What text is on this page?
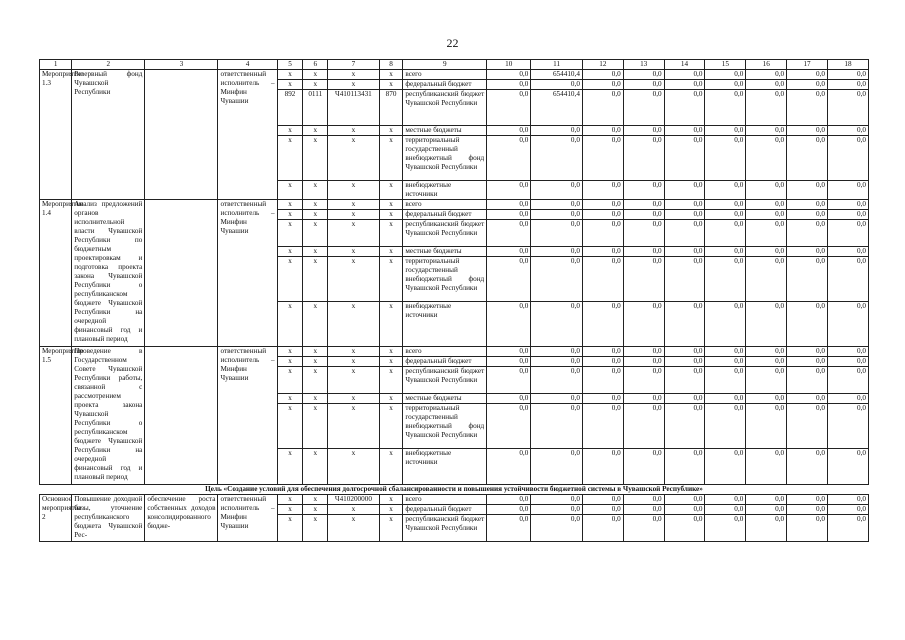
22
1	2	3	4	5	6	7	8	9	10	11	12	13	14	15	16	17	18
Мероприятие 1.3	Резервный фонд Чувашской Республики		ответственный исполнитель – Минфин Чувашии	x	x	x	x	всего	0,0	654410,4	0,0	0,0	0,0	0,0	0,0	0,0	0,0
				x	x	x	x	федеральный бюджет	0,0	0,0	0,0	0,0	0,0	0,0	0,0	0,0	0,0
				892	0111	Ч410113431	870	республиканский бюджет Чувашской Республики	0,0	654410,4	0,0	0,0	0,0	0,0	0,0	0,0	0,0
				x	x	x	x	местные бюджеты	0,0	0,0	0,0	0,0	0,0	0,0	0,0	0,0	0,0
				x	x	x	x	территориальный государственный внебюджетный фонд Чувашской Республики	0,0	0,0	0,0	0,0	0,0	0,0	0,0	0,0	0,0
				x	x	x	x	внебюджетные источники	0,0	0,0	0,0	0,0	0,0	0,0	0,0	0,0	0,0
Мероприятие 1.4	Анализ предложений органов исполнительной власти Чувашской Республики по бюджетным проектировкам и подготовка проекта закона Чувашской Республики о республиканском бюджете Чувашской Республики на очередной финансовый год и плановый период		ответственный исполнитель – Минфин Чувашии	x	x	x	x	всего	0,0	0,0	0,0	0,0	0,0	0,0	0,0	0,0	0,0
				x	x	x	x	федеральный бюджет	0,0	0,0	0,0	0,0	0,0	0,0	0,0	0,0	0,0
				x	x	x	x	республиканский бюджет Чувашской Республики	0,0	0,0	0,0	0,0	0,0	0,0	0,0	0,0	0,0
				x	x	x	x	местные бюджеты	0,0	0,0	0,0	0,0	0,0	0,0	0,0	0,0	0,0
				x	x	x	x	территориальный государственный внебюджетный фонд Чувашской Республики	0,0	0,0	0,0	0,0	0,0	0,0	0,0	0,0	0,0
				x	x	x	x	внебюджетные источники	0,0	0,0	0,0	0,0	0,0	0,0	0,0	0,0	0,0
Мероприятие 1.5	Проведение в Государственном Совете Чувашской Республики работы, связанной с рассмотрением проекта закона Чувашской Республики о республиканском бюджете Чувашской Республики на очередной финансовый год и плановый период		ответственный исполнитель – Минфин Чувашии	x	x	x	x	всего	0,0	0,0	0,0	0,0	0,0	0,0	0,0	0,0	0,0
				x	x	x	x	федеральный бюджет	0,0	0,0	0,0	0,0	0,0	0,0	0,0	0,0	0,0
				x	x	x	x	республиканский бюджет Чувашской Республики	0,0	0,0	0,0	0,0	0,0	0,0	0,0	0,0	0,0
				x	x	x	x	местные бюджеты	0,0	0,0	0,0	0,0	0,0	0,0	0,0	0,0	0,0
				x	x	x	x	территориальный государственный внебюджетный фонд Чувашской Республики	0,0	0,0	0,0	0,0	0,0	0,0	0,0	0,0	0,0
				x	x	x	x	внебюджетные источники	0,0	0,0	0,0	0,0	0,0	0,0	0,0	0,0	0,0
Цель «Создание условий для обеспечения долгосрочной сбалансированности и повышения устойчивости бюджетной системы в Чувашской Республике»																	
Основное мероприятие 2	Повышение доходной базы, уточнение республиканского бюджета Чувашской Рес-	обеспечение роста собственных доходов консолидированного бюдже-	ответственный исполнитель – Минфин Чувашии	x	x	Ч410200000	x	всего	0,0	0,0	0,0	0,0	0,0	0,0	0,0	0,0	0,0
				x	x	x	x	федеральный бюджет	0,0	0,0	0,0	0,0	0,0	0,0	0,0	0,0	0,0
				x	x	x	x	республиканский бюджет Чувашской Республики	0,0	0,0	0,0	0,0	0,0	0,0	0,0	0,0	0,0
